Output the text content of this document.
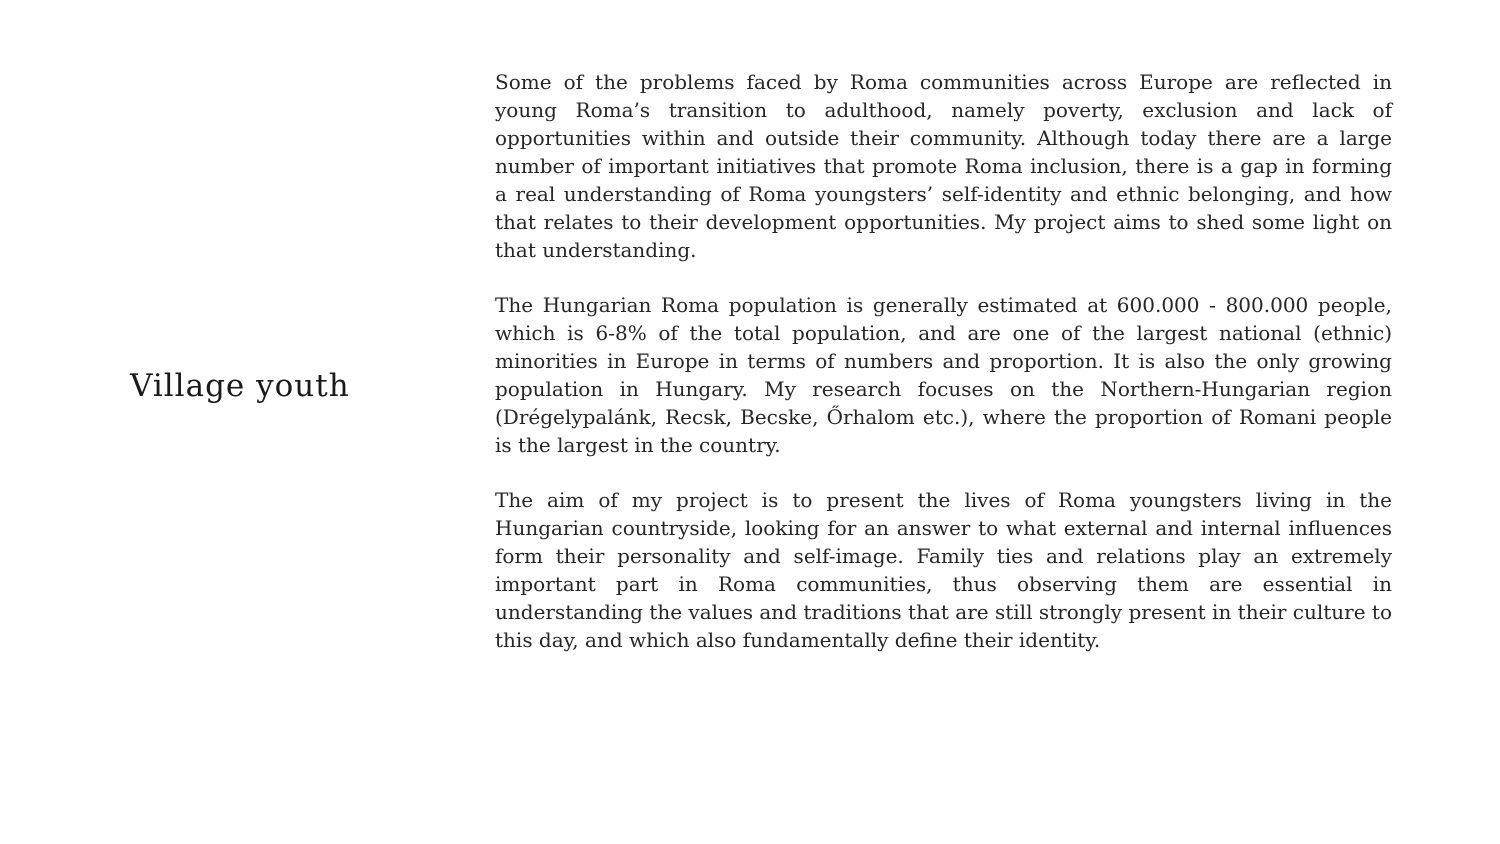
Village youth

Some of the problems faced by Roma communities across Europe are reflected in young Roma’s transition to adulthood, namely poverty, exclusion and lack of opportunities within and outside their community. Although today there are a large number of important initiatives that promote Roma inclusion, there is a gap in forming a real understanding of Roma youngsters’ self-identity and ethnic belonging, and how that relates to their development opportunities. My project aims to shed some light on that understanding.

The Hungarian Roma population is generally estimated at 600.000 - 800.000 people, which is 6-8% of the total population, and are one of the largest national (ethnic) minorities in Europe in terms of numbers and proportion. It is also the only growing population in Hungary. My research focuses on the Northern-Hungarian region (Drégelypalánk, Recsk, Becske, Őrhalom etc.), where the proportion of Romani people is the largest in the country.

The aim of my project is to present the lives of Roma youngsters living in the Hungarian countryside, looking for an answer to what external and internal influences form their personality and self-image. Family ties and relations play an extremely important part in Roma communities, thus observing them are essential in understanding the values and traditions that are still strongly present in their culture to this day, and which also fundamentally define their identity.
